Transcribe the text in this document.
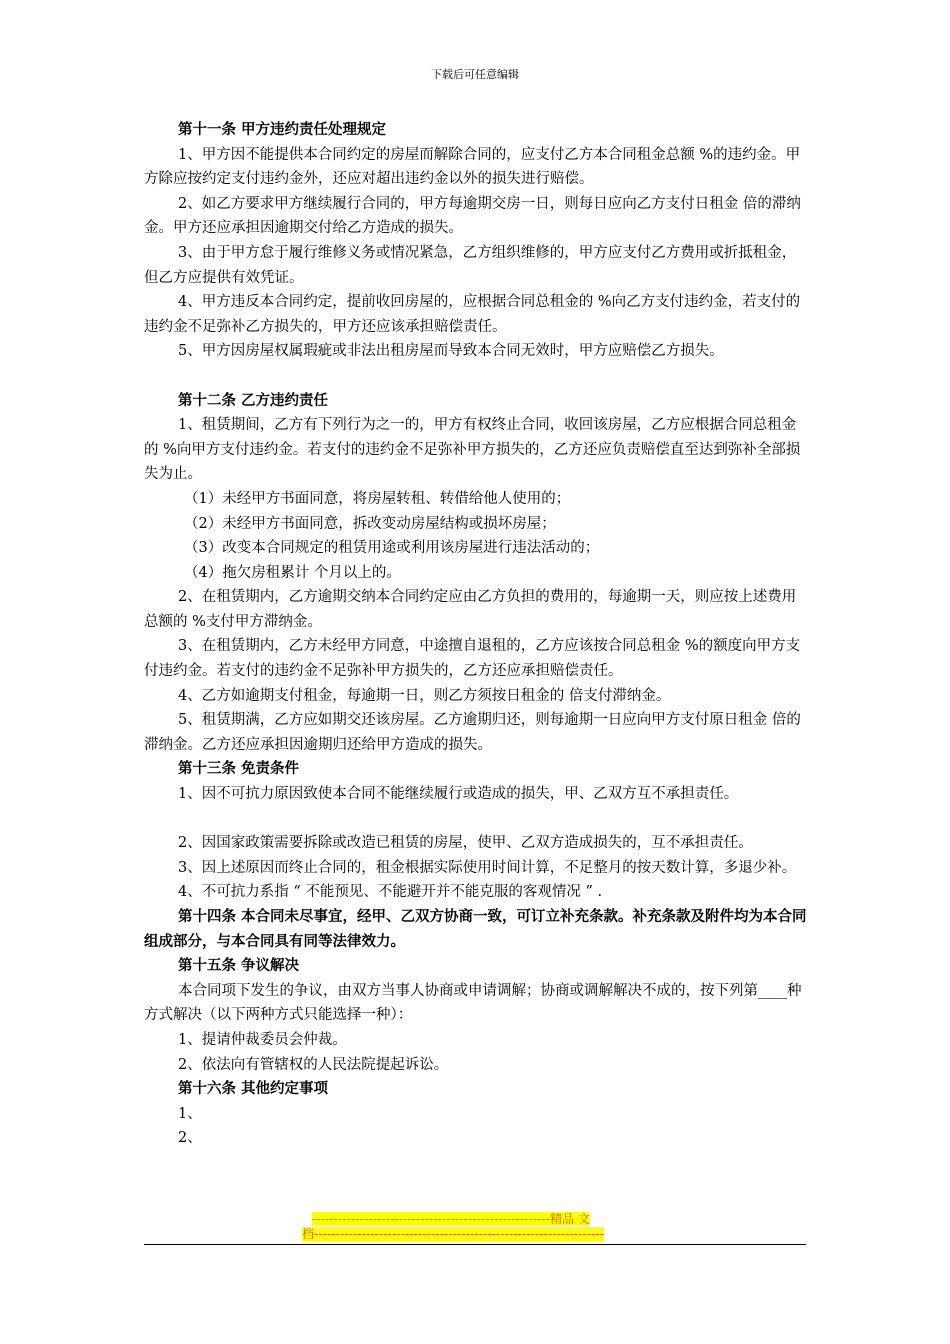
下载后可任意编辑
第十一条 甲方违约责任处理规定
1、甲方因不能提供本合同约定的房屋而解除合同的，应支付乙方本合同租金总额 %的违约金。甲方除应按约定支付违约金外，还应对超出违约金以外的损失进行赔偿。
2、如乙方要求甲方继续履行合同的，甲方每逾期交房一日，则每日应向乙方支付日租金 倍的滞纳金。甲方还应承担因逾期交付给乙方造成的损失。
3、由于甲方怠于履行维修义务或情况紧急，乙方组织维修的，甲方应支付乙方费用或折抵租金，但乙方应提供有效凭证。
4、甲方违反本合同约定，提前收回房屋的，应根据合同总租金的 %向乙方支付违约金，若支付的违约金不足弥补乙方损失的，甲方还应该承担赔偿责任。
5、甲方因房屋权属瑕疵或非法出租房屋而导致本合同无效时，甲方应赔偿乙方损失。
第十二条 乙方违约责任
1、租赁期间，乙方有下列行为之一的，甲方有权终止合同，收回该房屋，乙方应根据合同总租金的 %向甲方支付违约金。若支付的违约金不足弥补甲方损失的，乙方还应负责赔偿直至达到弥补全部损失为止。
（1）未经甲方书面同意，将房屋转租、转借给他人使用的；
（2）未经甲方书面同意，拆改变动房屋结构或损坏房屋；
（3）改变本合同规定的租赁用途或利用该房屋进行违法活动的；
（4）拖欠房租累计 个月以上的。
2、在租赁期内，乙方逾期交纳本合同约定应由乙方负担的费用的，每逾期一天，则应按上述费用总额的 %支付甲方滞纳金。
3、在租赁期内，乙方未经甲方同意，中途擅自退租的，乙方应该按合同总租金 %的额度向甲方支付违约金。若支付的违约金不足弥补甲方损失的，乙方还应承担赔偿责任。
4、乙方如逾期支付租金，每逾期一日，则乙方须按日租金的 倍支付滞纳金。
5、租赁期满，乙方应如期交还该房屋。乙方逾期归还，则每逾期一日应向甲方支付原日租金 倍的滞纳金。乙方还应承担因逾期归还给甲方造成的损失。
第十三条 免责条件
1、因不可抗力原因致使本合同不能继续履行或造成的损失，甲、乙双方互不承担责任。
2、因国家政策需要拆除或改造已租赁的房屋，使甲、乙双方造成损失的，互不承担责任。
3、因上述原因而终止合同的，租金根据实际使用时间计算，不足整月的按天数计算，多退少补。
4、不可抗力系指 “ 不能预见、不能避开并不能克服的客观情况 ” .
第十四条 本合同未尽事宜，经甲、乙双方协商一致，可订立补充条款。补充条款及附件均为本合同组成部分，与本合同具有同等法律效力。
第十五条 争议解决
本合同项下发生的争议，由双方当事人协商或申请调解；协商或调解解决不成的，按下列第____种方式解决（以下两种方式只能选择一种）：
1、提请仲裁委员会仲裁。
2、依法向有管辖权的人民法院提起诉讼。
第十六条 其他约定事项
1、
2、
-------------------------------------------------------精品 文
档-------------------------------------------------------------------
